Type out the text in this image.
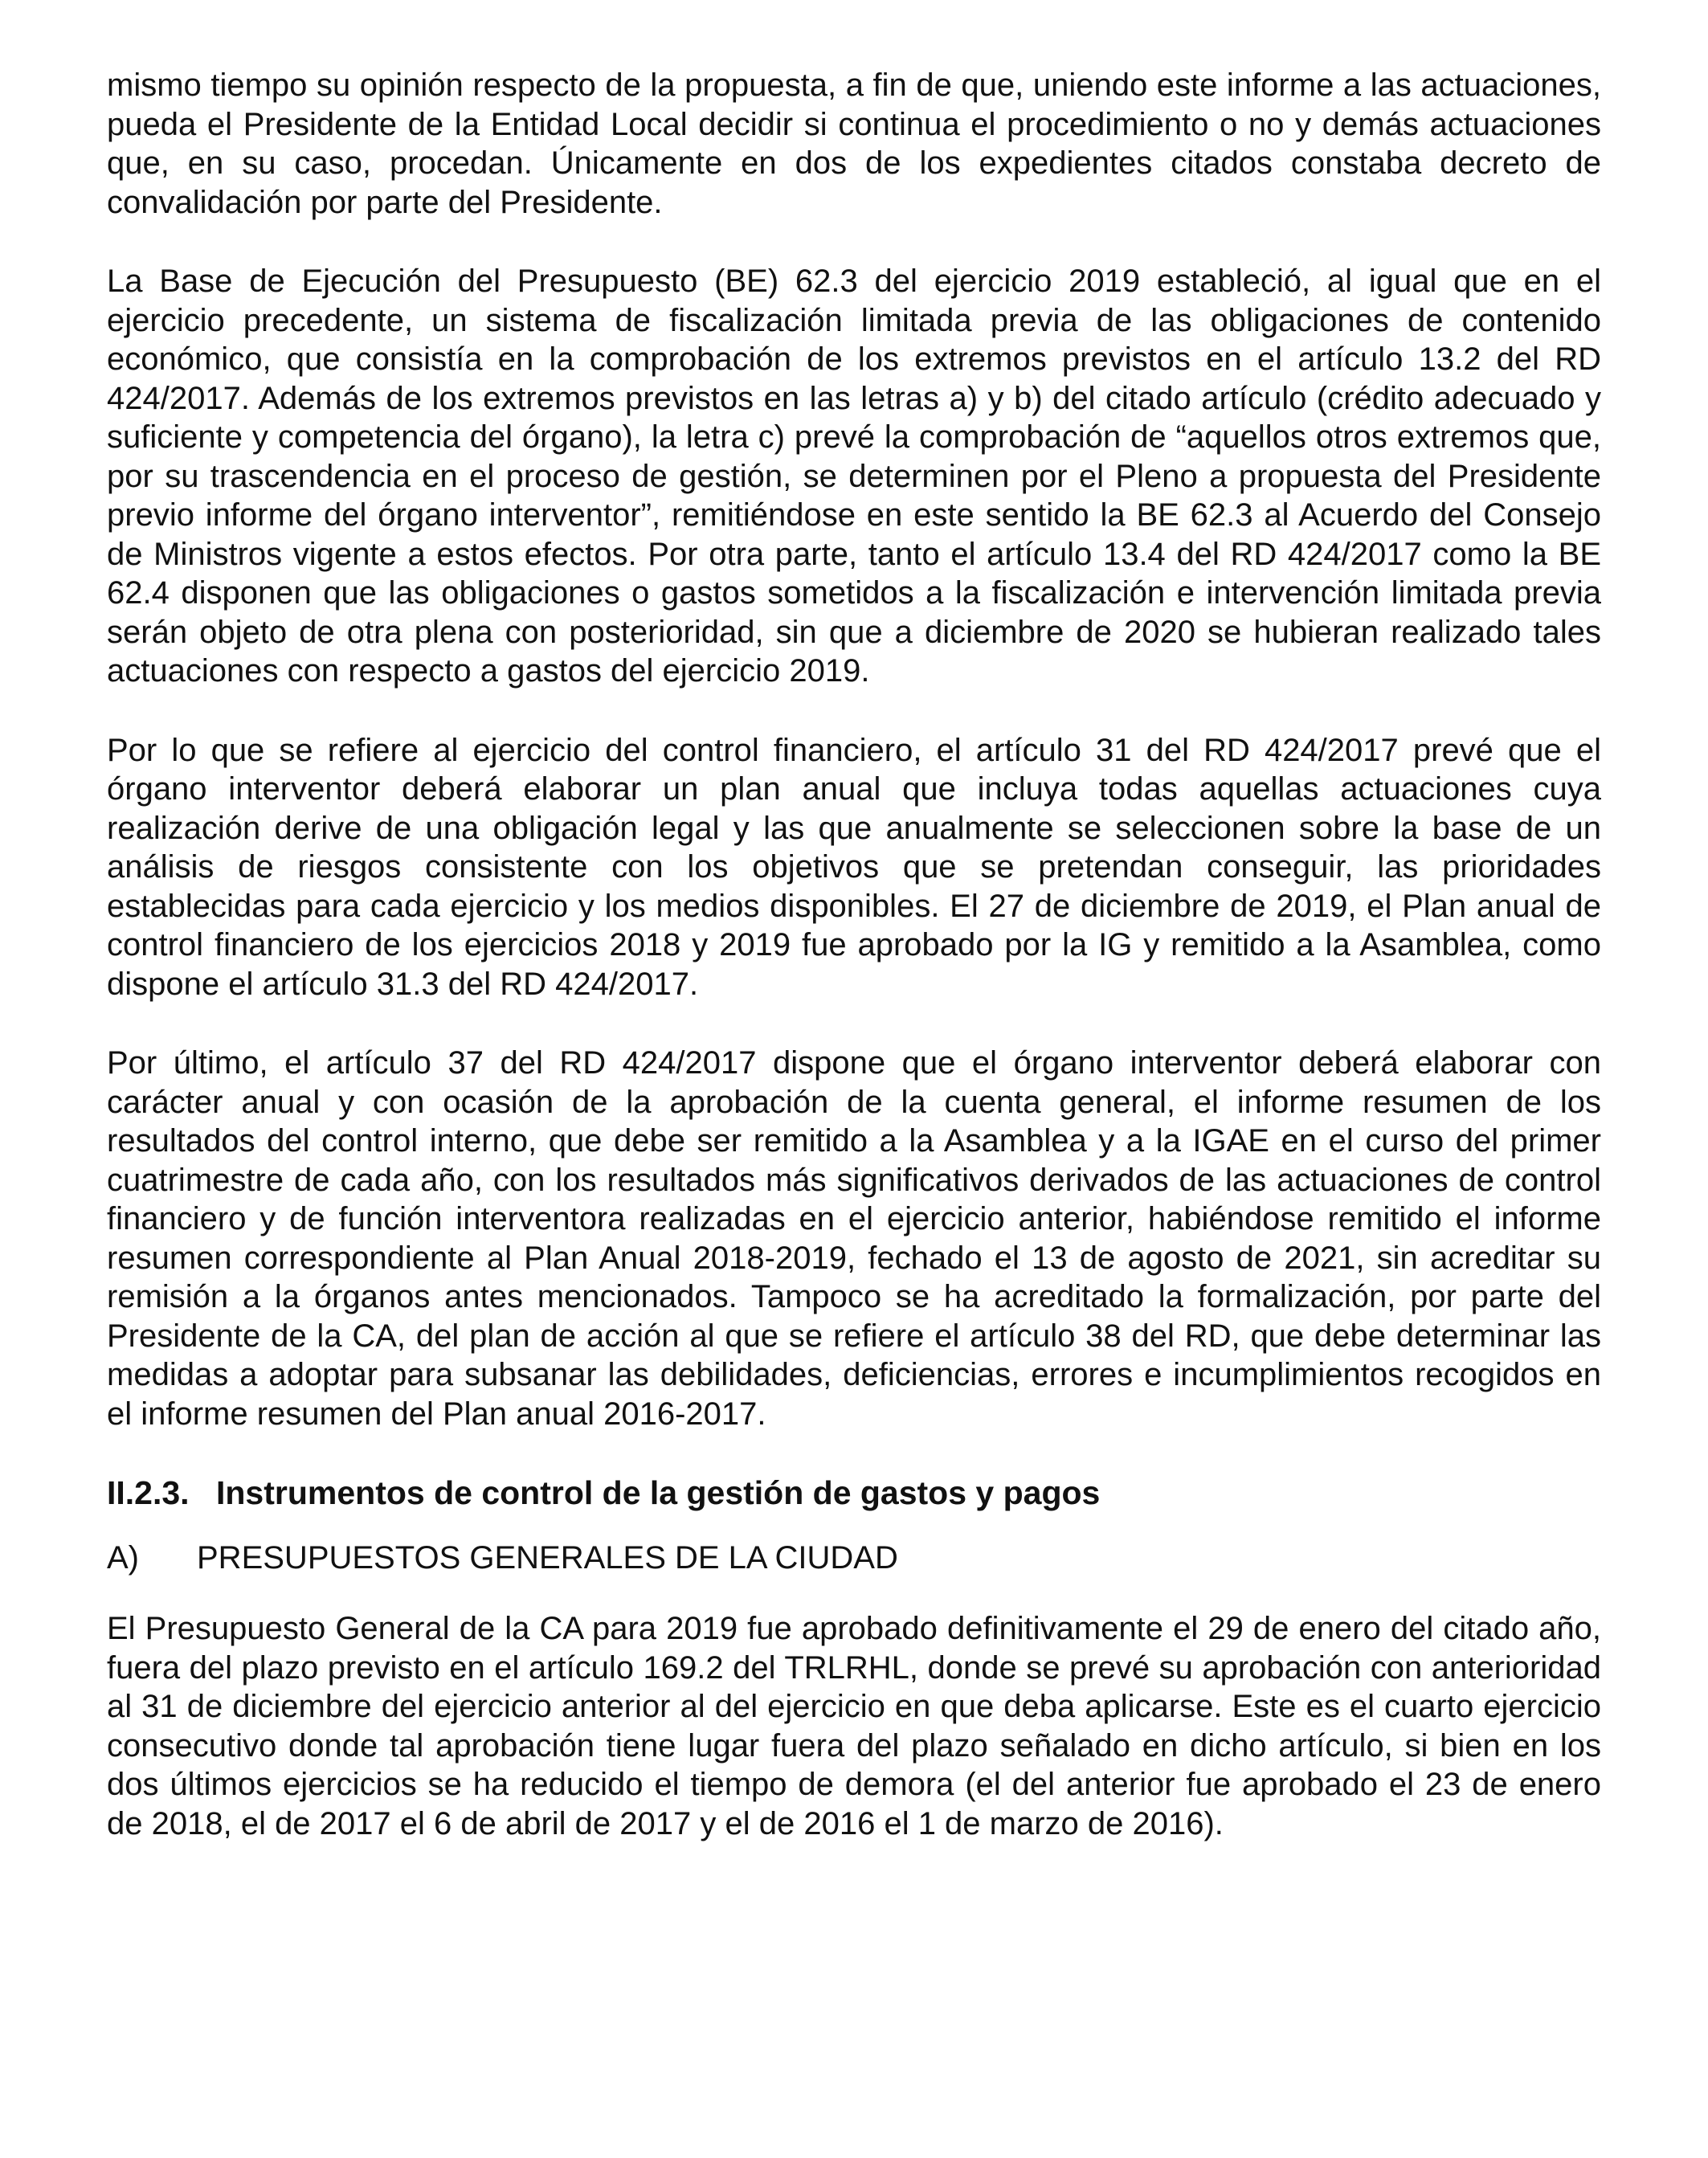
mismo tiempo su opinión respecto de la propuesta, a fin de que, uniendo este informe a las actuaciones, pueda el Presidente de la Entidad Local decidir si continua el procedimiento o no y demás actuaciones que, en su caso, procedan. Únicamente en dos de los expedientes citados constaba decreto de convalidación por parte del Presidente.

La Base de Ejecución del Presupuesto (BE) 62.3 del ejercicio 2019 estableció, al igual que en el ejercicio precedente, un sistema de fiscalización limitada previa de las obligaciones de contenido económico, que consistía en la comprobación de los extremos previstos en el artículo 13.2 del RD 424/2017. Además de los extremos previstos en las letras a) y b) del citado artículo (crédito adecuado y suficiente y competencia del órgano), la letra c) prevé la comprobación de “aquellos otros extremos que, por su trascendencia en el proceso de gestión, se determinen por el Pleno a propuesta del Presidente previo informe del órgano interventor”, remitiéndose en este sentido la BE 62.3 al Acuerdo del Consejo de Ministros vigente a estos efectos. Por otra parte, tanto el artículo 13.4 del RD 424/2017 como la BE 62.4 disponen que las obligaciones o gastos sometidos a la fiscalización e intervención limitada previa serán objeto de otra plena con posterioridad, sin que a diciembre de 2020 se hubieran realizado tales actuaciones con respecto a gastos del ejercicio 2019.

Por lo que se refiere al ejercicio del control financiero, el artículo 31 del RD 424/2017 prevé que el órgano interventor deberá elaborar un plan anual que incluya todas aquellas actuaciones cuya realización derive de una obligación legal y las que anualmente se seleccionen sobre la base de un análisis de riesgos consistente con los objetivos que se pretendan conseguir, las prioridades establecidas para cada ejercicio y los medios disponibles. El 27 de diciembre de 2019, el Plan anual de control financiero de los ejercicios 2018 y 2019 fue aprobado por la IG y remitido a la Asamblea, como dispone el artículo 31.3 del RD 424/2017.

Por último, el artículo 37 del RD 424/2017 dispone que el órgano interventor deberá elaborar con carácter anual y con ocasión de la aprobación de la cuenta general, el informe resumen de los resultados del control interno, que debe ser remitido a la Asamblea y a la IGAE en el curso del primer cuatrimestre de cada año, con los resultados más significativos derivados de las actuaciones de control financiero y de función interventora realizadas en el ejercicio anterior, habiéndose remitido el informe resumen correspondiente al Plan Anual 2018-2019, fechado el 13 de agosto de 2021, sin acreditar su remisión a la órganos antes mencionados. Tampoco se ha acreditado la formalización, por parte del Presidente de la CA, del plan de acción al que se refiere el artículo 38 del RD, que debe determinar las medidas a adoptar para subsanar las debilidades, deficiencias, errores e incumplimientos recogidos en el informe resumen del Plan anual 2016-2017.

II.2.3. Instrumentos de control de la gestión de gastos y pagos
A)	PRESUPUESTOS GENERALES DE LA CIUDAD

El Presupuesto General de la CA para 2019 fue aprobado definitivamente el 29 de enero del citado año, fuera del plazo previsto en el artículo 169.2 del TRLRHL, donde se prevé su aprobación con anterioridad al 31 de diciembre del ejercicio anterior al del ejercicio en que deba aplicarse. Este es el cuarto ejercicio consecutivo donde tal aprobación tiene lugar fuera del plazo señalado en dicho artículo, si bien en los dos últimos ejercicios se ha reducido el tiempo de demora (el del anterior fue aprobado el 23 de enero de 2018, el de 2017 el 6 de abril de 2017 y el de 2016 el 1 de marzo de 2016).
